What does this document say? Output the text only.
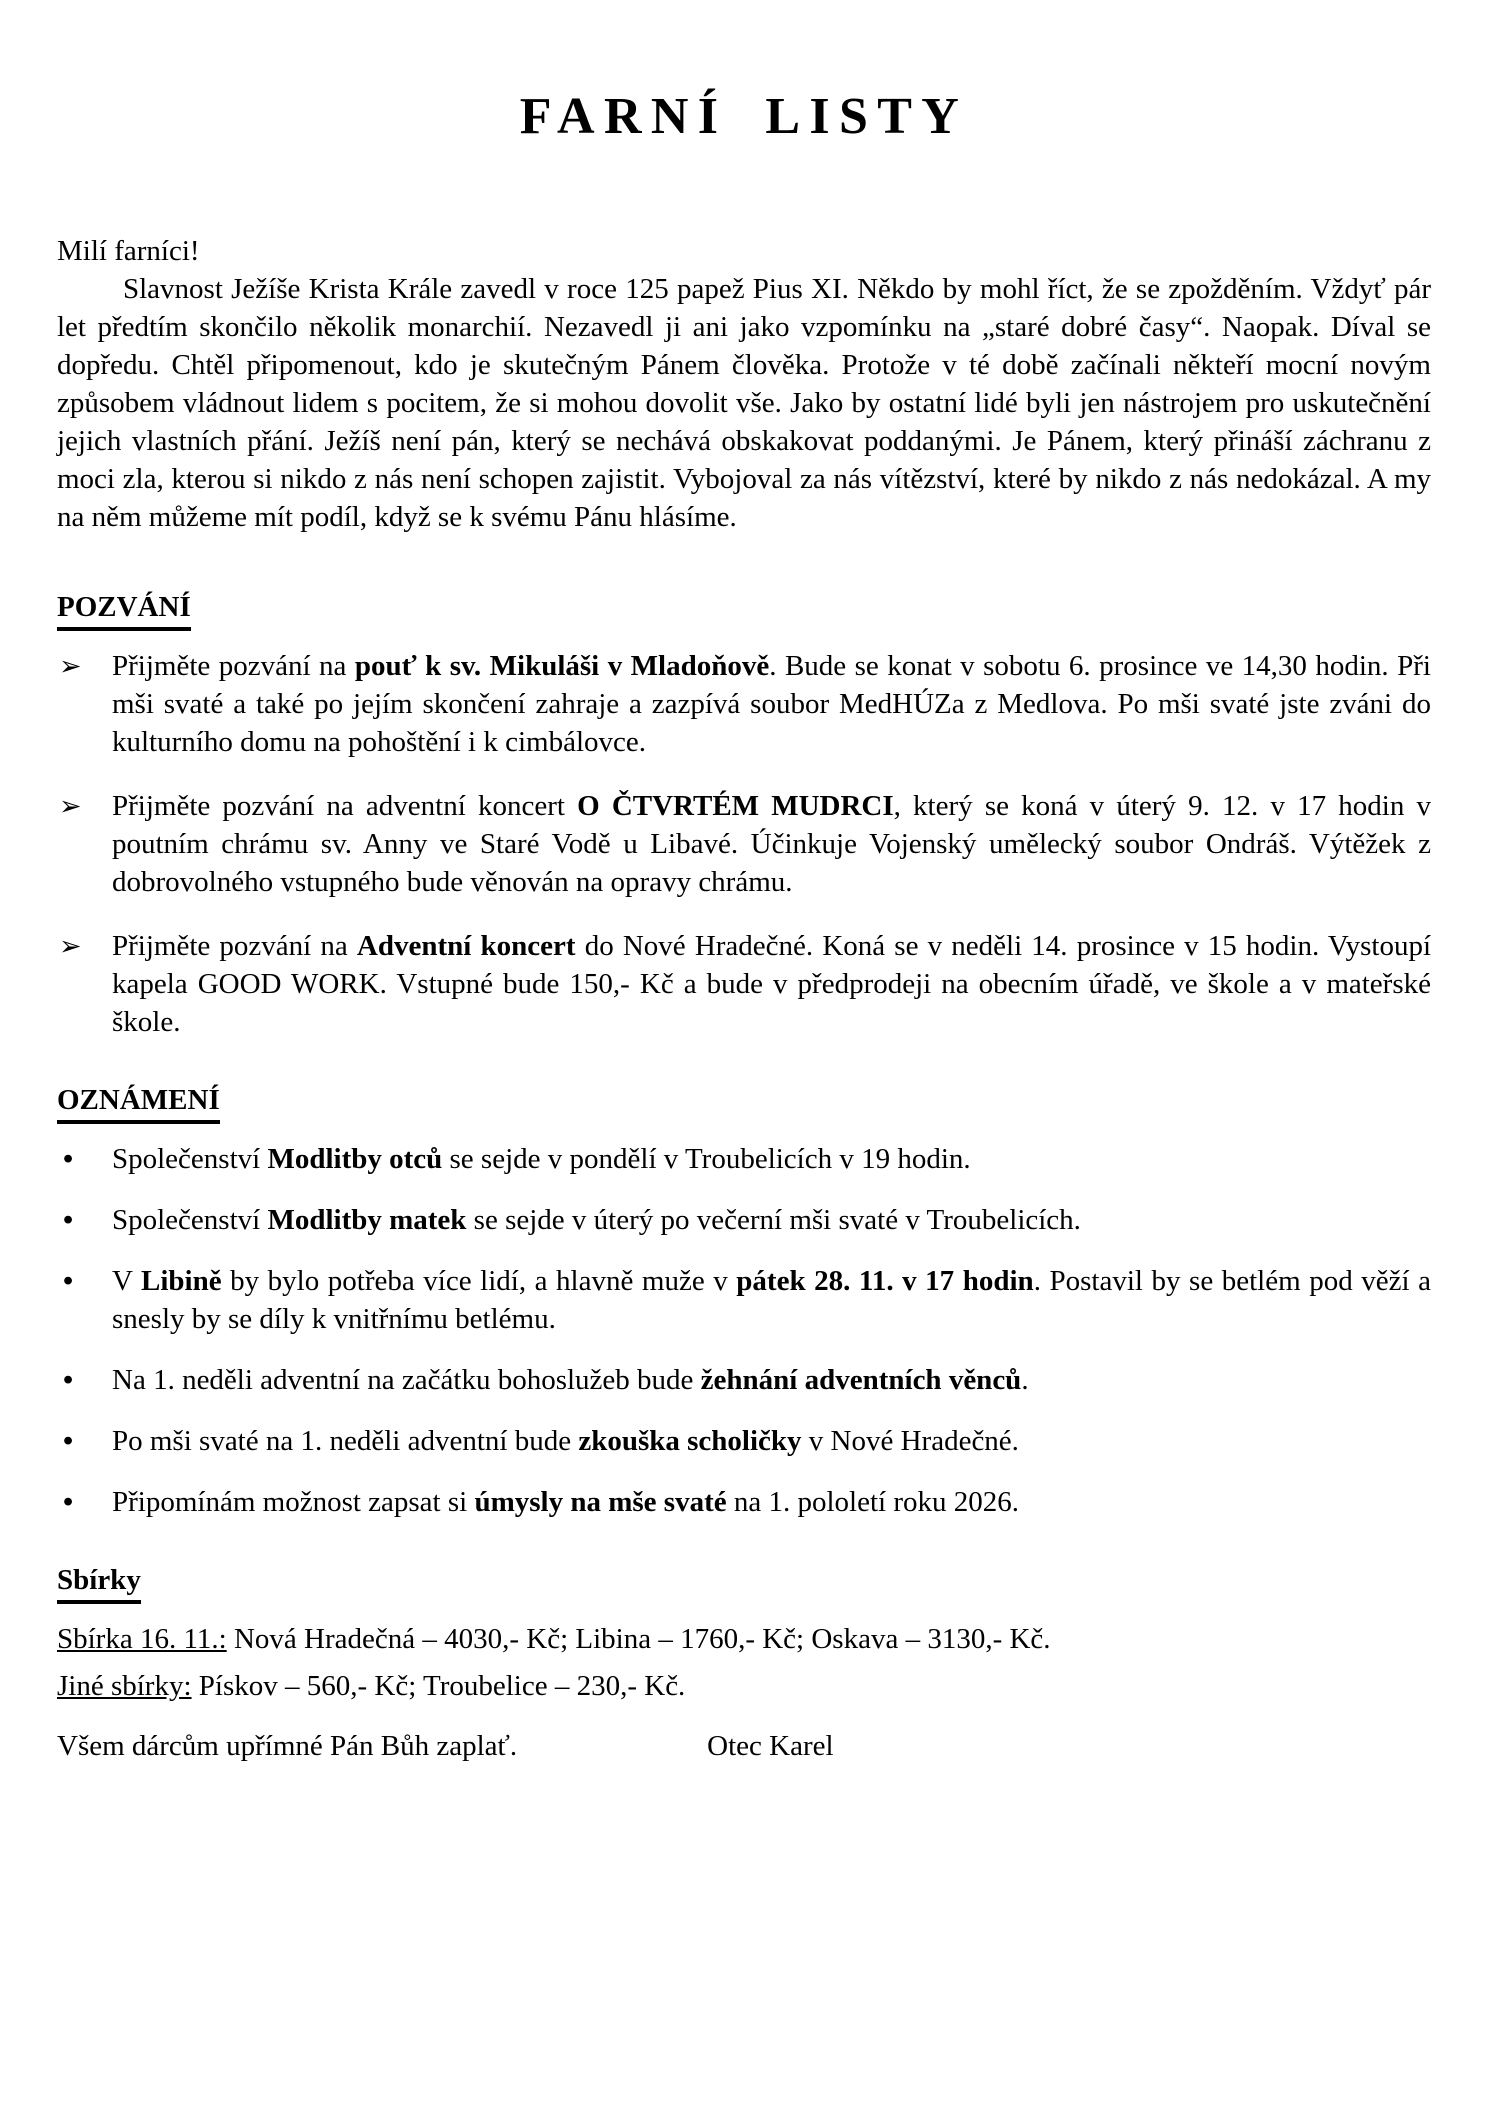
FARNÍ LISTY

Milí farníci!

Slavnost Ježíše Krista Krále zavedl v roce 125 papež Pius XI. Někdo by mohl říct, že se zpožděním. Vždyť pár let předtím skončilo několik monarchií. Nezavedl ji ani jako vzpomínku na „staré dobré časy“. Naopak. Díval se dopředu. Chtěl připomenout, kdo je skutečným Pánem člověka. Protože v té době začínali někteří mocní novým způsobem vládnout lidem s pocitem, že si mohou dovolit vše. Jako by ostatní lidé byli jen nástrojem pro uskutečnění jejich vlastních přání. Ježíš není pán, který se nechává obskakovat poddanými. Je Pánem, který přináší záchranu z moci zla, kterou si nikdo z nás není schopen zajistit. Vybojoval za nás vítězství, které by nikdo z nás nedokázal. A my na něm můžeme mít podíl, když se k svému Pánu hlásíme.

POZVÁNÍ
➢ Přijměte pozvání na pouť k sv. Mikuláši v Mladoňově. Bude se konat v sobotu 6. prosince ve 14,30 hodin. Při mši svaté a také po jejím skončení zahraje a zazpívá soubor MedHÚZa z Medlova. Po mši svaté jste zváni do kulturního domu na pohoštění i k cimbálovce.
➢ Přijměte pozvání na adventní koncert O ČTVRTÉM MUDRCI, který se koná v úterý 9. 12. v 17 hodin v poutním chrámu sv. Anny ve Staré Vodě u Libavé. Účinkuje Vojenský umělecký soubor Ondráš. Výtěžek z dobrovolného vstupného bude věnován na opravy chrámu.
➢ Přijměte pozvání na Adventní koncert do Nové Hradečné. Koná se v neděli 14. prosince v 15 hodin. Vystoupí kapela GOOD WORK. Vstupné bude 150,- Kč a bude v předprodeji na obecním úřadě, ve škole a v mateřské škole.
OZNÁMENÍ
• Společenství Modlitby otců se sejde v pondělí v Troubelicích v 19 hodin.
• Společenství Modlitby matek se sejde v úterý po večerní mši svaté v Troubelicích.
• V Libině by bylo potřeba více lidí, a hlavně muže v pátek 28. 11. v 17 hodin. Postavil by se betlém pod věží a snesly by se díly k vnitřnímu betlému.
• Na 1. neděli adventní na začátku bohoslužeb bude žehnání adventních věnců.
• Po mši svaté na 1. neděli adventní bude zkouška scholičky v Nové Hradečné.
• Připomínám možnost zapsat si úmysly na mše svaté na 1. pololetí roku 2026.
Sbírky

Sbírka 16. 11.: Nová Hradečná – 4030,- Kč; Libina – 1760,- Kč; Oskava – 3130,- Kč.

Jiné sbírky: Pískov – 560,- Kč; Troubelice – 230,- Kč.

Všem dárcům upřímné Pán Bůh zaplať.	Otec Karel
